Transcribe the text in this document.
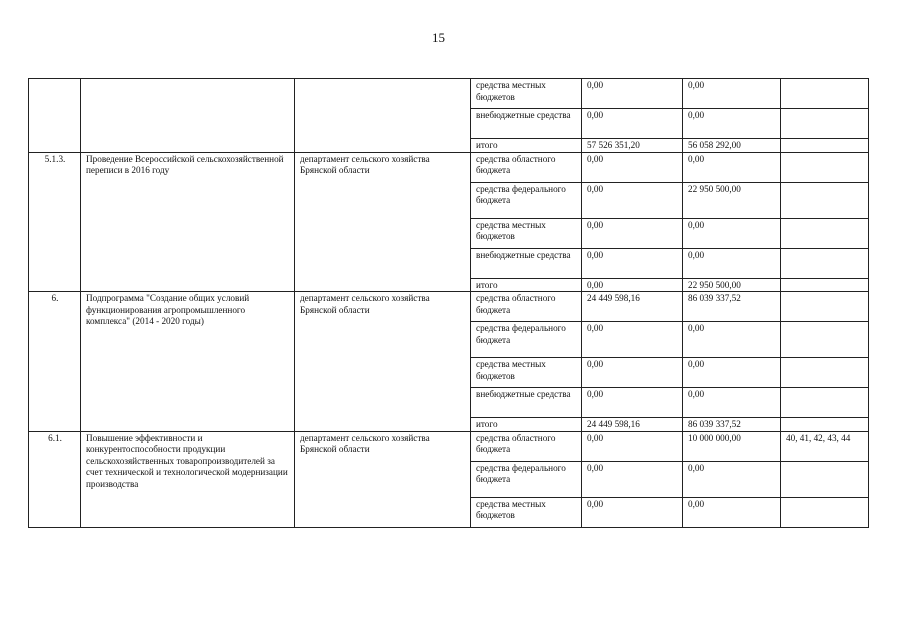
15
			средства местных бюджетов	0,00	0,00	
			внебюджетные средства	0,00	0,00	
			итого	57 526 351,20	56 058 292,00	
5.1.3.	Проведение Всероссийской сельскохозяйственной переписи в 2016 году	департамент сельского хозяйства Брянской области	средства областного бюджета	0,00	0,00	
			средства федерального бюджета	0,00	22 950 500,00	
			средства местных бюджетов	0,00	0,00	
			внебюджетные средства	0,00	0,00	
			итого	0,00	22 950 500,00	
6.	Подпрограмма "Создание общих условий функционирования агропромышленного комплекса" (2014 - 2020 годы)	департамент сельского хозяйства Брянской области	средства областного бюджета	24 449 598,16	86 039 337,52	
			средства федерального бюджета	0,00	0,00	
			средства местных бюджетов	0,00	0,00	
			внебюджетные средства	0,00	0,00	
			итого	24 449 598,16	86 039 337,52	
6.1.	Повышение эффективности и конкурентоспособности продукции сельскохозяйственных товаропроизводителей за счет технической и технологической модернизации производства	департамент сельского хозяйства Брянской области	средства областного бюджета	0,00	10 000 000,00	40, 41, 42, 43, 44
			средства федерального бюджета	0,00	0,00	
			средства местных бюджетов	0,00	0,00	
